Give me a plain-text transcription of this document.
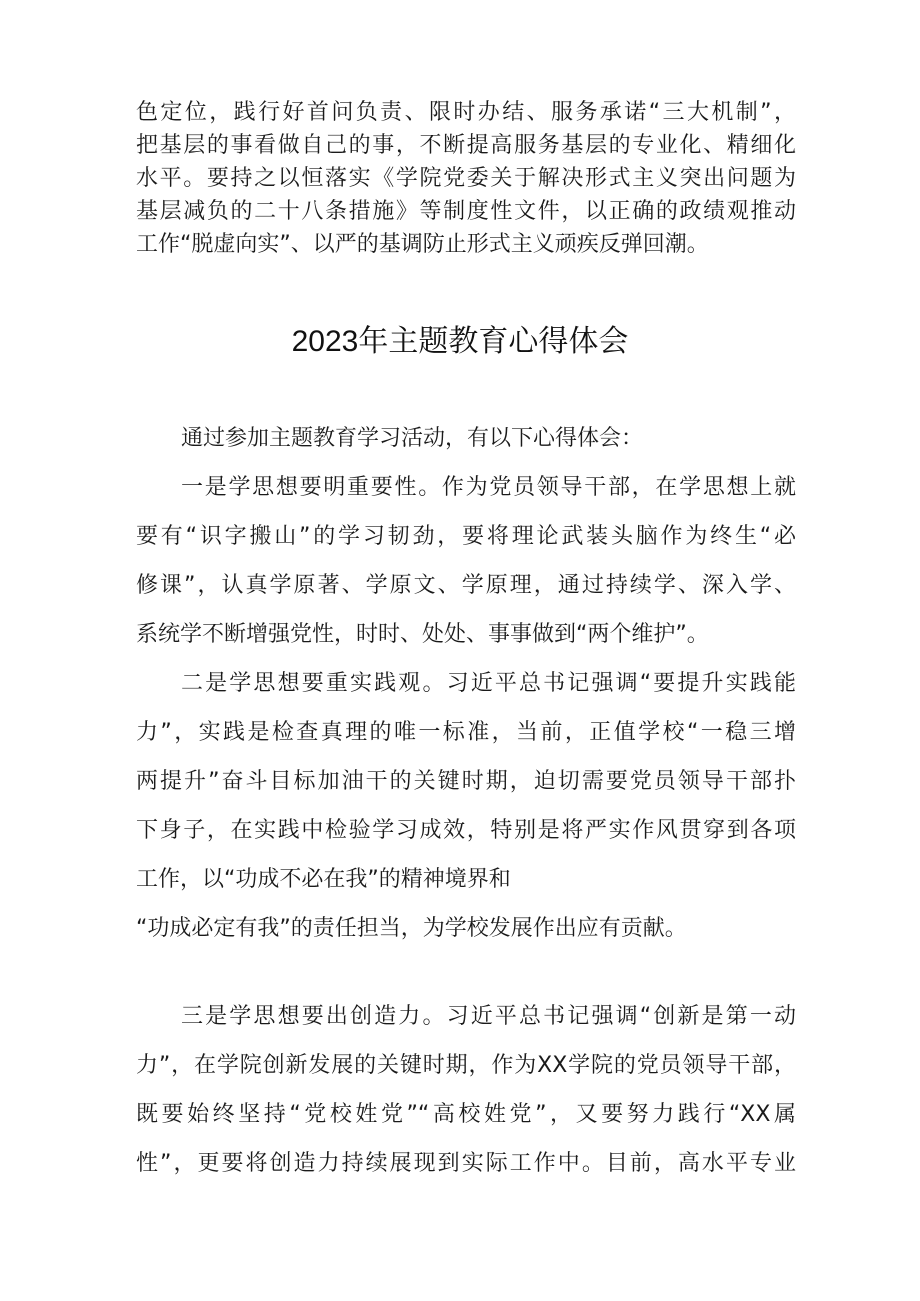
色定位，践行好首问负责、限时办结、服务承诺“三大机制”，
把基层的事看做自己的事，不断提高服务基层的专业化、精细化
水平。要持之以恒落实《学院党委关于解决形式主义突出问题为
基层减负的二十八条措施》等制度性文件，以正确的政绩观推动
工作“脱虚向实”、以严的基调防止形式主义顽疾反弹回潮。
2023年主题教育心得体会
通过参加主题教育学习活动，有以下心得体会：
一是学思想要明重要性。作为党员领导干部，在学思想上就
要有“识字搬山”的学习韧劲，要将理论武装头脑作为终生“必
修课”，认真学原著、学原文、学原理，通过持续学、深入学、
系统学不断增强党性，时时、处处、事事做到“两个维护”。
二是学思想要重实践观。习近平总书记强调“要提升实践能
力”，实践是检查真理的唯一标准，当前，正值学校“一稳三增
两提升”奋斗目标加油干的关键时期，迫切需要党员领导干部扑
下身子，在实践中检验学习成效，特别是将严实作风贯穿到各项
工作，以“功成不必在我”的精神境界和
“功成必定有我”的责任担当，为学校发展作出应有贡献。
三是学思想要出创造力。习近平总书记强调“创新是第一动
力”，在学院创新发展的关键时期，作为XX学院的党员领导干部，
既要始终坚持“党校姓党”“高校姓党”，又要努力践行“XX属
性”，更要将创造力持续展现到实际工作中。目前，高水平专业
